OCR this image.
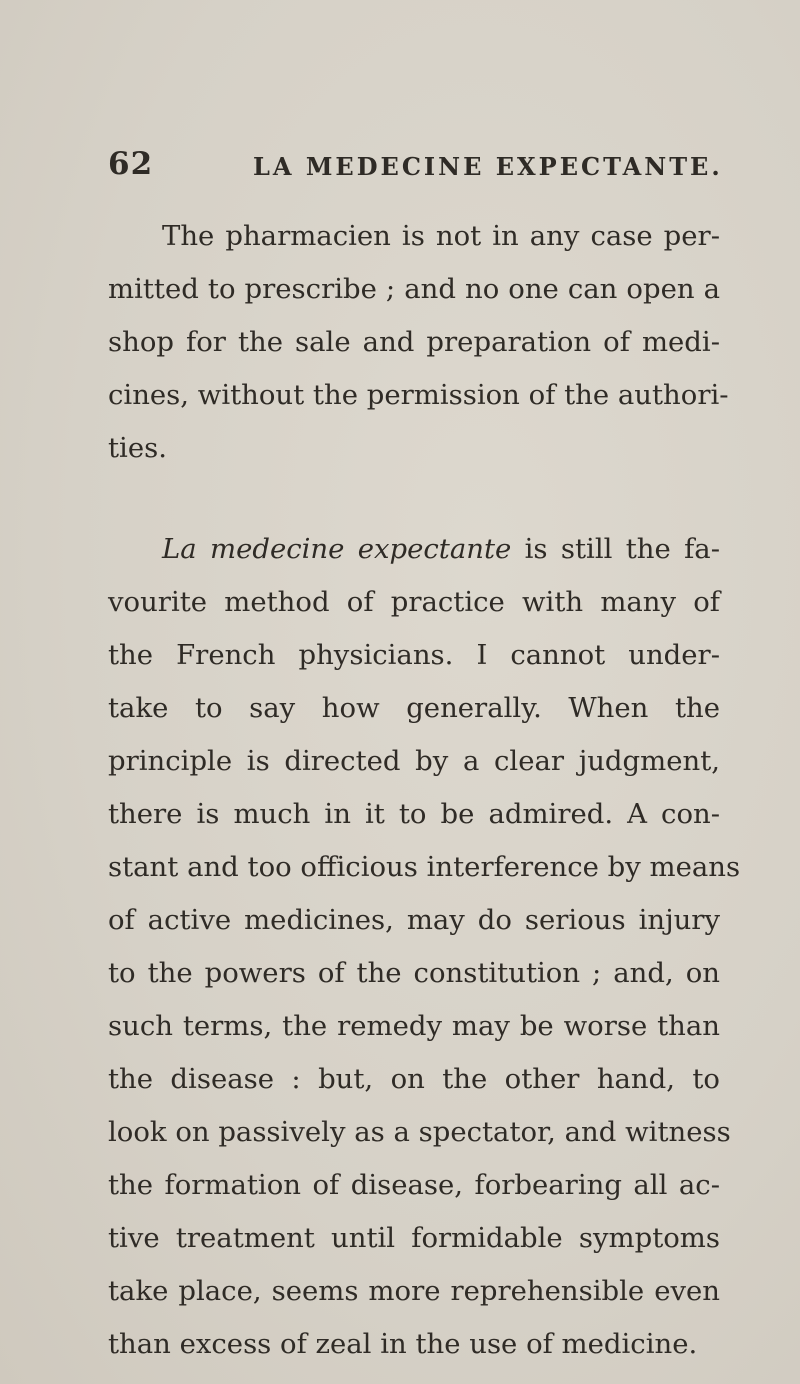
62	LA MEDECINE EXPECTANTE.
The pharmacien is not in any case per-
mitted to prescribe ; and no one can open a
shop for the sale and preparation of medi-
cines, without the permission of the authori-
ties.
La medecine expectante is still the fa-
vourite method of practice with many of
the French physicians. I cannot under-
take to say how generally. When the
principle is directed by a clear judgment,
there is much in it to be admired. A con-
stant and too officious interference by means
of active medicines, may do serious injury
to the powers of the constitution ; and, on
such terms, the remedy may be worse than
the disease : but, on the other hand, to
look on passively as a spectator, and witness
the formation of disease, forbearing all ac-
tive treatment until formidable symptoms
take place, seems more reprehensible even
than excess of zeal in the use of medicine.
